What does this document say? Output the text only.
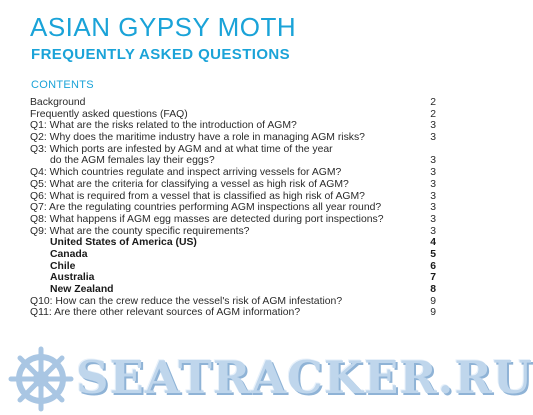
ASIAN GYPSY MOTH
FREQUENTLY ASKED QUESTIONS
CONTENTS
Background	2
Frequently asked questions (FAQ)	2
Q1: What are the risks related to the introduction of AGM?	3
Q2: Why does the maritime industry have a role in managing AGM risks?	3
Q3: Which ports are infested by AGM and at what time of the year
do the AGM females lay their eggs?	3
Q4: Which countries regulate and inspect arriving vessels for AGM?	3
Q5: What are the criteria for classifying a vessel as high risk of AGM?	3
Q6: What is required from a vessel that is classified as high risk of AGM?	3
Q7: Are the regulating countries performing AGM inspections all year round?	3
Q8: What happens if AGM egg masses are detected during port inspections?	3
Q9: What are the county specific requirements?	3
United States of America (US)	4
Canada	5
Chile	6
Australia	7
New Zealand	8
Q10: How can the crew reduce the vessel's risk of AGM infestation?	9
Q11: Are there other relevant sources of AGM information?	9
SEATRACKER.RU
